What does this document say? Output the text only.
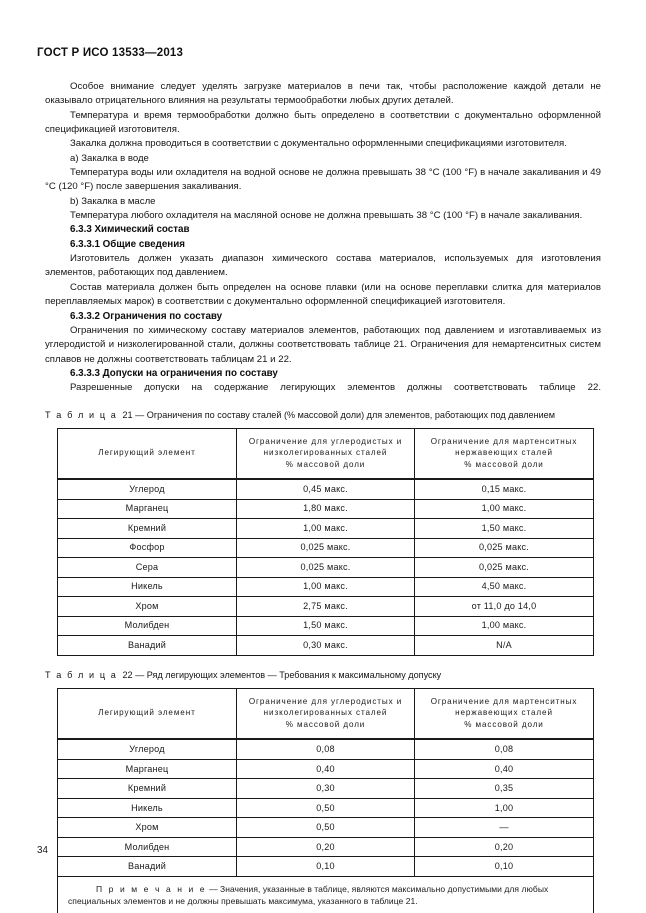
ГОСТ Р ИСО 13533—2013

Особое внимание следует уделять загрузке материалов в печи так, чтобы расположение каждой детали не оказывало отрицательного влияния на результаты термообработки любых других деталей.

Температура и время термообработки должно быть определено в соответствии с документально оформленной спецификацией изготовителя.

Закалка должна проводиться в соответствии с документально оформленными спецификациями изготовителя.

a) Закалка в воде

Температура воды или охладителя на водной основе не должна превышать 38 °C (100 °F) в начале закаливания и 49 °C (120 °F) после завершения закаливания.

b) Закалка в масле

Температура любого охладителя на масляной основе не должна превышать 38 °C (100 °F) в начале закаливания.

6.3.3 Химический состав

6.3.3.1 Общие сведения

Изготовитель должен указать диапазон химического состава материалов, используемых для изготовления элементов, работающих под давлением.

Состав материала должен быть определен на основе плавки (или на основе переплавки слитка для материалов переплавляемых марок) в соответствии с документально оформленной спецификацией изготовителя.

6.3.3.2 Ограничения по составу

Ограничения по химическому составу материалов элементов, работающих под давлением и изготавливаемых из углеродистой и низколегированной стали, должны соответствовать таблице 21. Ограничения для немартенситных систем сплавов не должны соответствовать таблицам 21 и 22.

6.3.3.3 Допуски на ограничения по составу

Разрешенные допуски на содержание легирующих элементов должны соответствовать таблице 22.

Т а б л и ц а 21 — Ограничения по составу сталей (% массовой доли) для элементов, работающих под давлением

Легирующий элемент	Ограничение для углеродистых и
низколегированных сталей
% массовой доли	Ограничение для мартенситных
нержавеющих сталей
% массовой доли
Углерод	0,45 макс.	0,15 макс.
Марганец	1,80 макс.	1,00 макс.
Кремний	1,00 макс.	1,50 макс.
Фосфор	0,025 макс.	0,025 макс.
Сера	0,025 макс.	0,025 макс.
Никель	1,00 макс.	4,50 макс.
Хром	2,75 макс.	от 11,0 до 14,0
Молибден	1,50 макс.	1,00 макс.
Ванадий	0,30 макс.	N/A

Т а б л и ц а 22 — Ряд легирующих элементов — Требования к максимальному допуску

Легирующий элемент	Ограничение для углеродистых и
низколегированных сталей
% массовой доли	Ограничение для мартенситных
нержавеющих сталей
% массовой доли
Углерод	0,08	0,08
Марганец	0,40	0,40
Кремний	0,30	0,35
Никель	0,50	1,00
Хром	0,50	—
Молибден	0,20	0,20
Ванадий	0,10	0,10
П р и м е ч а н и е — Значения, указанные в таблице, являются максимально допустимыми для любых специальных элементов и не должны превышать максимума, указанного в таблице 21.		
34
